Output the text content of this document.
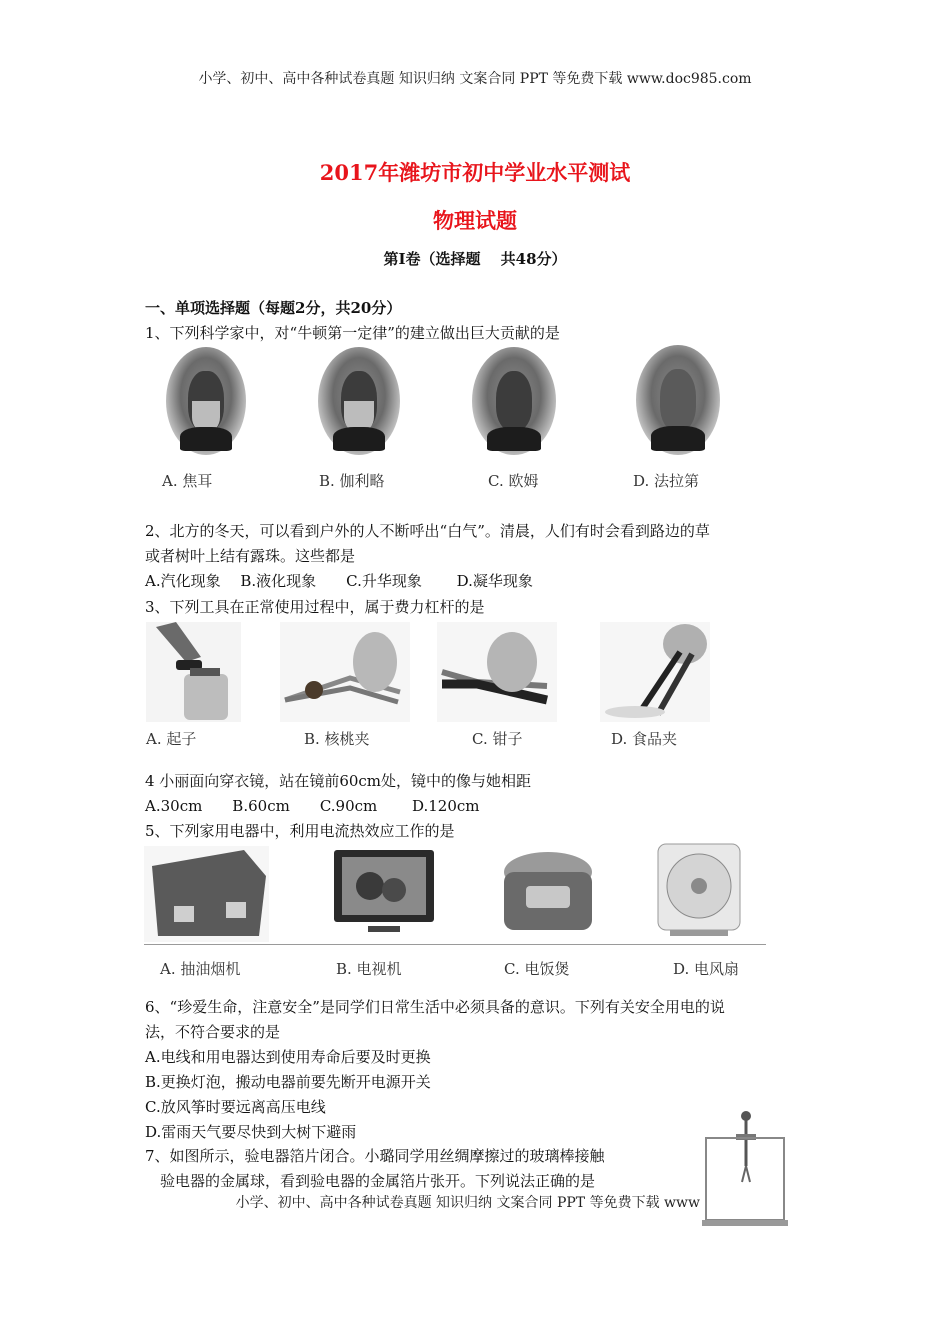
小学、初中、高中各种试卷真题 知识归纳 文案合同 PPT 等免费下载 www.doc985.com
2017年潍坊市初中学业水平测试
物理试题
第Ⅰ卷（选择题　 共48分）
一、单项选择题（每题2分，共20分）
1、下列科学家中，对“牛顿第一定律”的建立做出巨大贡献的是
A. 焦耳	B. 伽利略	C. 欧姆	D. 法拉第
2、北方的冬天，可以看到户外的人不断呼出“白气”。清晨，人们有时会看到路边的草
或者树叶上结有露珠。这些都是
A.汽化现象　 B.液化现象　　C.升华现象　　 D.凝华现象
3、下列工具在正常使用过程中，属于费力杠杆的是
A. 起子	B. 核桃夹	C. 钳子	D. 食品夹
4 小丽面向穿衣镜，站在镜前60cm处，镜中的像与她相距
A.30cm　　B.60cm　　C.90cm　　 D.120cm
5、下列家用电器中，利用电流热效应工作的是
A. 抽油烟机	B. 电视机	C. 电饭煲	D. 电风扇
6、“珍爱生命，注意安全”是同学们日常生活中必须具备的意识。下列有关安全用电的说
法，不符合要求的是
A.电线和用电器达到使用寿命后要及时更换
B.更换灯泡，搬动电器前要先断开电源开关
C.放风筝时要远离高压电线
D.雷雨天气要尽快到大树下避雨
7、如图所示，验电器箔片闭合。小璐同学用丝绸摩擦过的玻璃棒接触
验电器的金属球，看到验电器的金属箔片张开。下列说法正确的是
小学、初中、高中各种试卷真题 知识归纳 文案合同 PPT 等免费下载 www
